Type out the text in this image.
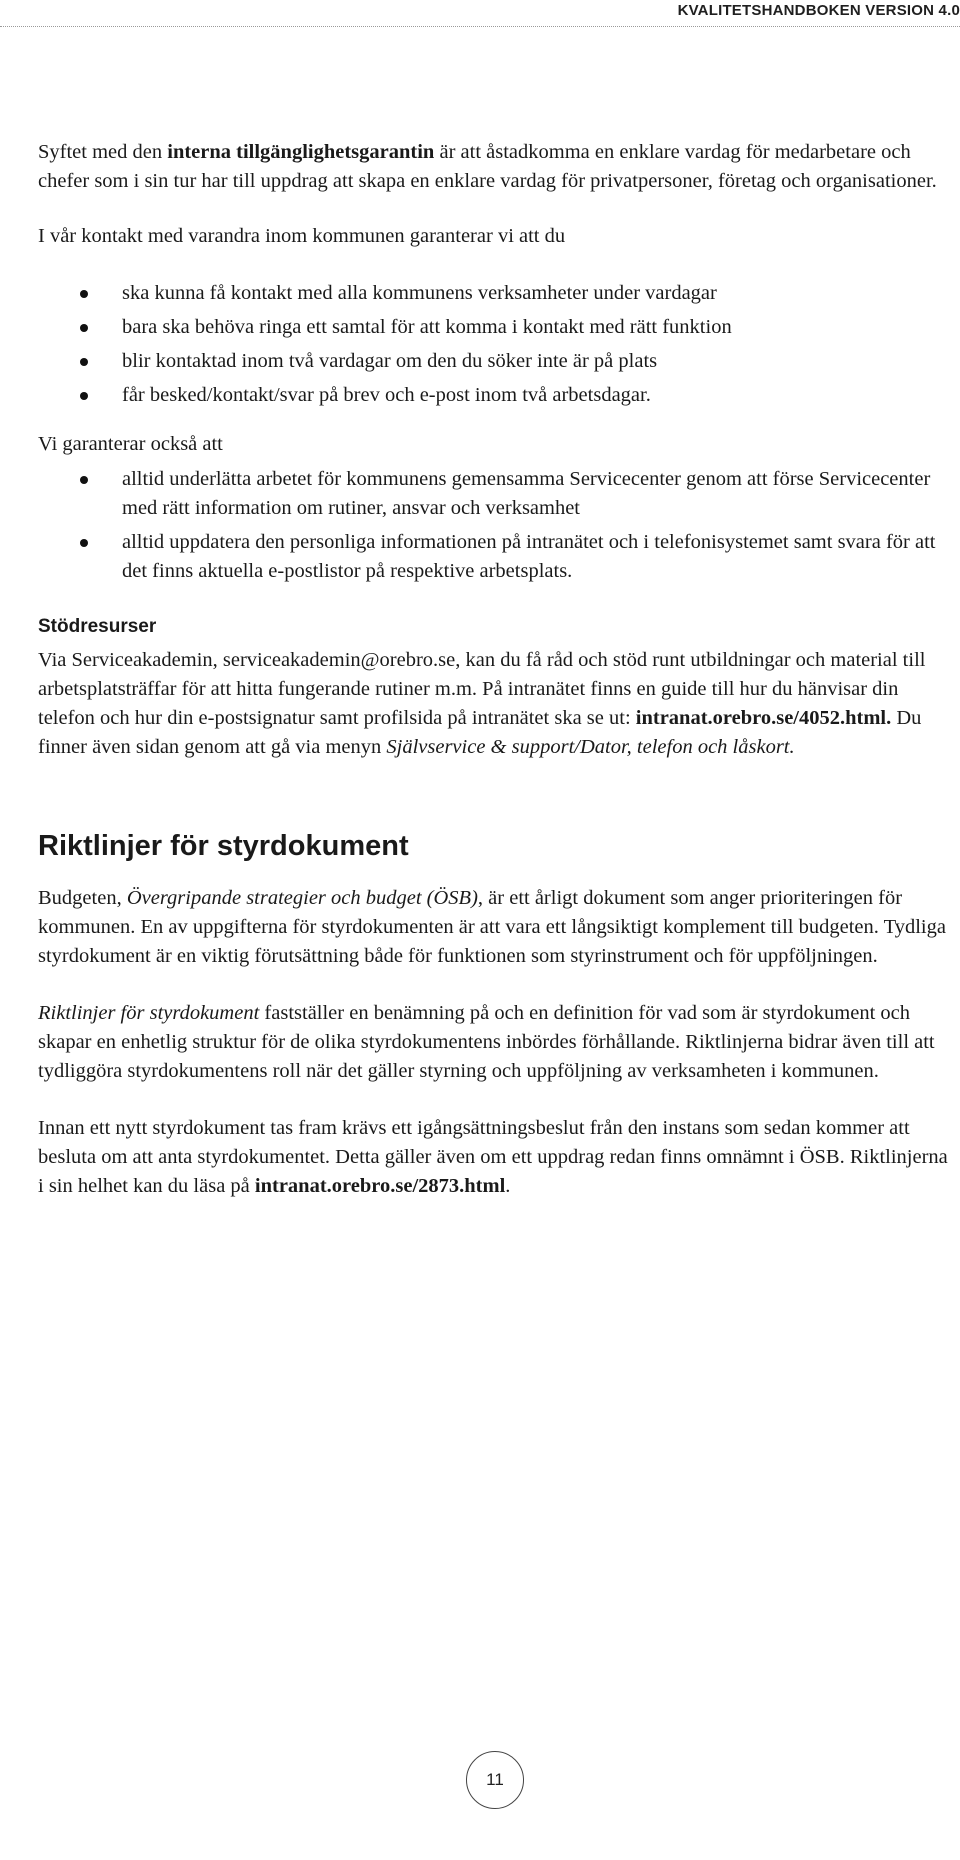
KVALITETSHANDBOKEN VERSION 4.0

Syftet med den interna tillgänglighetsgarantin är att åstadkomma en enklare vardag för medarbetare och chefer som i sin tur har till uppdrag att skapa en enklare vardag för privatpersoner, företag och organisationer.

I vår kontakt med varandra inom kommunen garanterar vi att du

ska kunna få kontakt med alla kommunens verksamheter under vardagar
bara ska behöva ringa ett samtal för att komma i kontakt med rätt funktion
blir kontaktad inom två vardagar om den du söker inte är på plats
får besked/kontakt/svar på brev och e-post inom två arbetsdagar.

Vi garanterar också att

alltid underlätta arbetet för kommunens gemensamma Servicecenter genom att förse Servicecenter med rätt information om rutiner, ansvar och verksamhet
alltid uppdatera den personliga informationen på intranätet och i telefonisystemet samt svara för att det finns aktuella e-postlistor på respektive arbetsplats.
Stödresurser

Via Serviceakademin, serviceakademin@orebro.se, kan du få råd och stöd runt utbildningar och material till arbetsplatsträffar för att hitta fungerande rutiner m.m. På intranätet finns en guide till hur du hänvisar din telefon och hur din e-postsignatur samt profilsida på intranätet ska se ut: intranat.orebro.se/4052.html. Du finner även sidan genom att gå via menyn Självservice & support/Dator, telefon och låskort.

Riktlinjer för styrdokument

Budgeten, Övergripande strategier och budget (ÖSB), är ett årligt dokument som anger prioriteringen för kommunen. En av uppgifterna för styrdokumenten är att vara ett långsiktigt komplement till budgeten. Tydliga styrdokument är en viktig förutsättning både för funktionen som styrinstrument och för uppföljningen.

Riktlinjer för styrdokument fastställer en benämning på och en definition för vad som är styrdokument och skapar en enhetlig struktur för de olika styrdokumentens inbördes förhållande. Riktlinjerna bidrar även till att tydliggöra styrdokumentens roll när det gäller styrning och uppföljning av verksamheten i kommunen.

Innan ett nytt styrdokument tas fram krävs ett igångsättningsbeslut från den instans som sedan kommer att besluta om att anta styrdokumentet. Detta gäller även om ett uppdrag redan finns omnämnt i ÖSB. Riktlinjerna i sin helhet kan du läsa på intranat.orebro.se/2873.html.

11
